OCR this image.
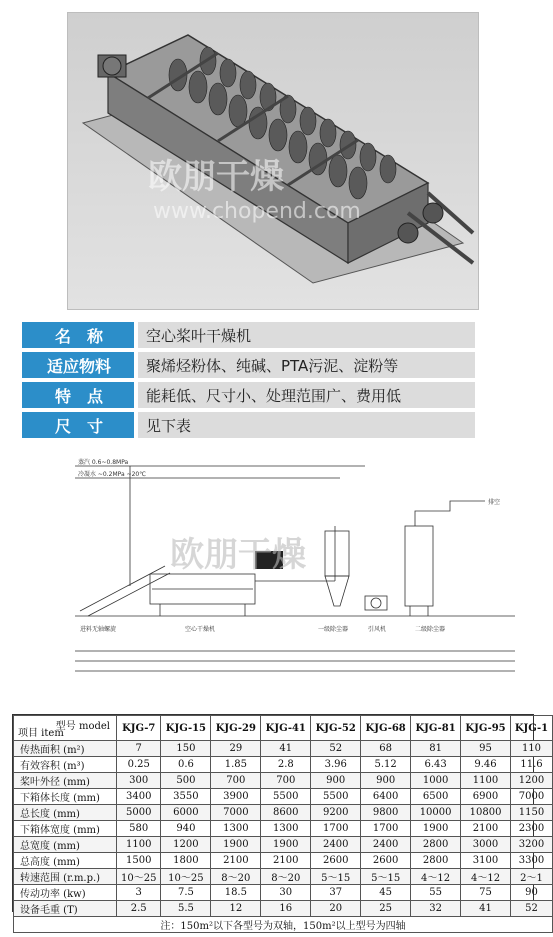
欧朋干燥
www.chopend.com
名　称	空心桨叶干燥机
适应物料	聚烯烃粉体、纯碱、PTA污泥、淀粉等
特　点	能耗低、尺寸小、处理范围广、费用低
尺　寸	见下表
蒸汽 0.6~0.8MPa
冷凝水 ~0.2MPa ~20℃
进料无轴螺旋	空心干燥机	一级除尘器	引风机	二级除尘器
排空
欧朋干燥
型号 model
项目 item	KJG-7	KJG-15	KJG-29	KJG-41	KJG-52	KJG-68	KJG-81	KJG-95	KJG-1
传热面积 (m²)	7	150	29	41	52	68	81	95	110
有效容积 (m³)	0.25	0.6	1.85	2.8	3.96	5.12	6.43	9.46	11.6
桨叶外径 (mm)	300	500	700	700	900	900	1000	1100	1200
下箱体长度 (mm)	3400	3550	3900	5500	5500	6400	6500	6900	7000
总长度 (mm)	5000	6000	7000	8600	9200	9800	10000	10800	1150
下箱体宽度 (mm)	580	940	1300	1300	1700	1700	1900	2100	2300
总宽度 (mm)	1100	1200	1900	1900	2400	2400	2800	3000	3200
总高度 (mm)	1500	1800	2100	2100	2600	2600	2800	3100	3300
转速范围 (r.m.p.)	10～25	10～25	8～20	8～20	5～15	5～15	4～12	4～12	2～1
传动功率 (kw)	3	7.5	18.5	30	37	45	55	75	90
设备毛重 (T)	2.5	5.5	12	16	20	25	32	41	52
注：150m²以下各型号为双轴，150m²以上型号为四轴									
